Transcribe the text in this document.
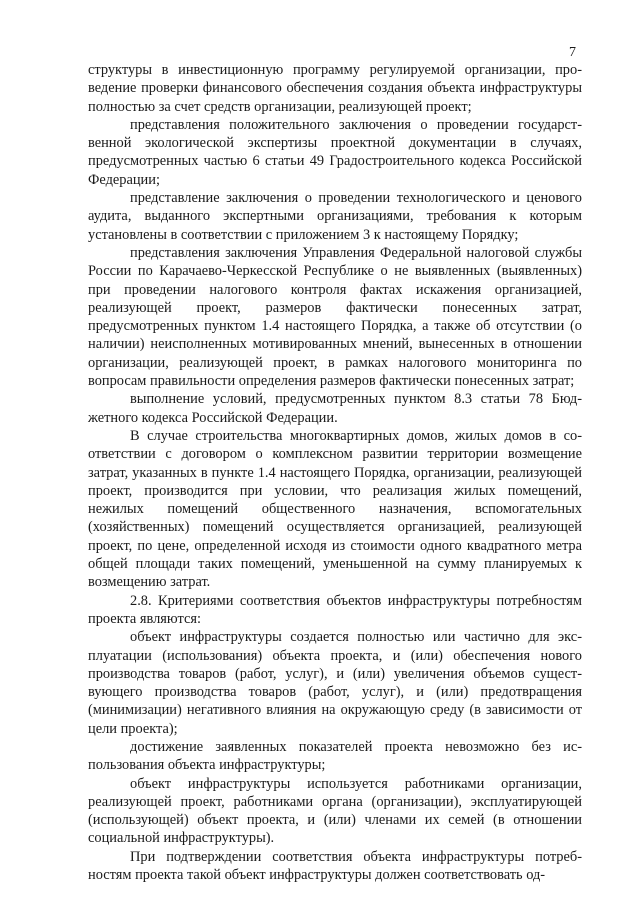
7

структуры в инвестиционную программу регулируемой организации, проведение проверки финансового обеспечения создания объекта инфраструктуры полностью за счет средств организации, реализующей проект;

представления положительного заключения о проведении государственной экологической экспертизы проектной документации в случаях, предусмотренных частью 6 статьи 49 Градостроительного кодекса Российской Федерации;

представление заключения о проведении технологического и ценового аудита, выданного экспертными организациями, требования к которым установлены в соответствии с приложением 3 к настоящему Порядку;

представления заключения Управления Федеральной налоговой службы России по Карачаево-Черкесской Республике о не выявленных (выявленных) при проведении налогового контроля фактах искажения организацией, реализующей проект, размеров фактически понесенных затрат, предусмотренных пунктом 1.4 настоящего Порядка, а также об отсутствии (о наличии) неисполненных мотивированных мнений, вынесенных в отношении организации, реализующей проект, в рамках налогового мониторинга по вопросам правильности определения размеров фактически понесенных затрат;

выполнение условий, предусмотренных пунктом 8.3 статьи 78 Бюджетного кодекса Российской Федерации.

В случае строительства многоквартирных домов, жилых домов в соответствии с договором о комплексном развитии территории возмещение затрат, указанных в пункте 1.4 настоящего Порядка, организации, реализующей проект, производится при условии, что реализация жилых помещений, нежилых помещений общественного назначения, вспомогательных (хозяйственных) помещений осуществляется организацией, реализующей проект, по цене, определенной исходя из стоимости одного квадратного метра общей площади таких помещений, уменьшенной на сумму планируемых к возмещению затрат.

2.8. Критериями соответствия объектов инфраструктуры потребностям проекта являются:

объект инфраструктуры создается полностью или частично для эксплуатации (использования) объекта проекта, и (или) обеспечения нового производства товаров (работ, услуг), и (или) увеличения объемов существующего производства товаров (работ, услуг), и (или) предотвращения (минимизации) негативного влияния на окружающую среду (в зависимости от цели проекта);

достижение заявленных показателей проекта невозможно без использования объекта инфраструктуры;

объект инфраструктуры используется работниками организации, реализующей проект, работниками органа (организации), эксплуатирующей (использующей) объект проекта, и (или) членами их семей (в отношении социальной инфраструктуры).

При подтверждении соответствия объекта инфраструктуры потребностям проекта такой объект инфраструктуры должен соответствовать од-
